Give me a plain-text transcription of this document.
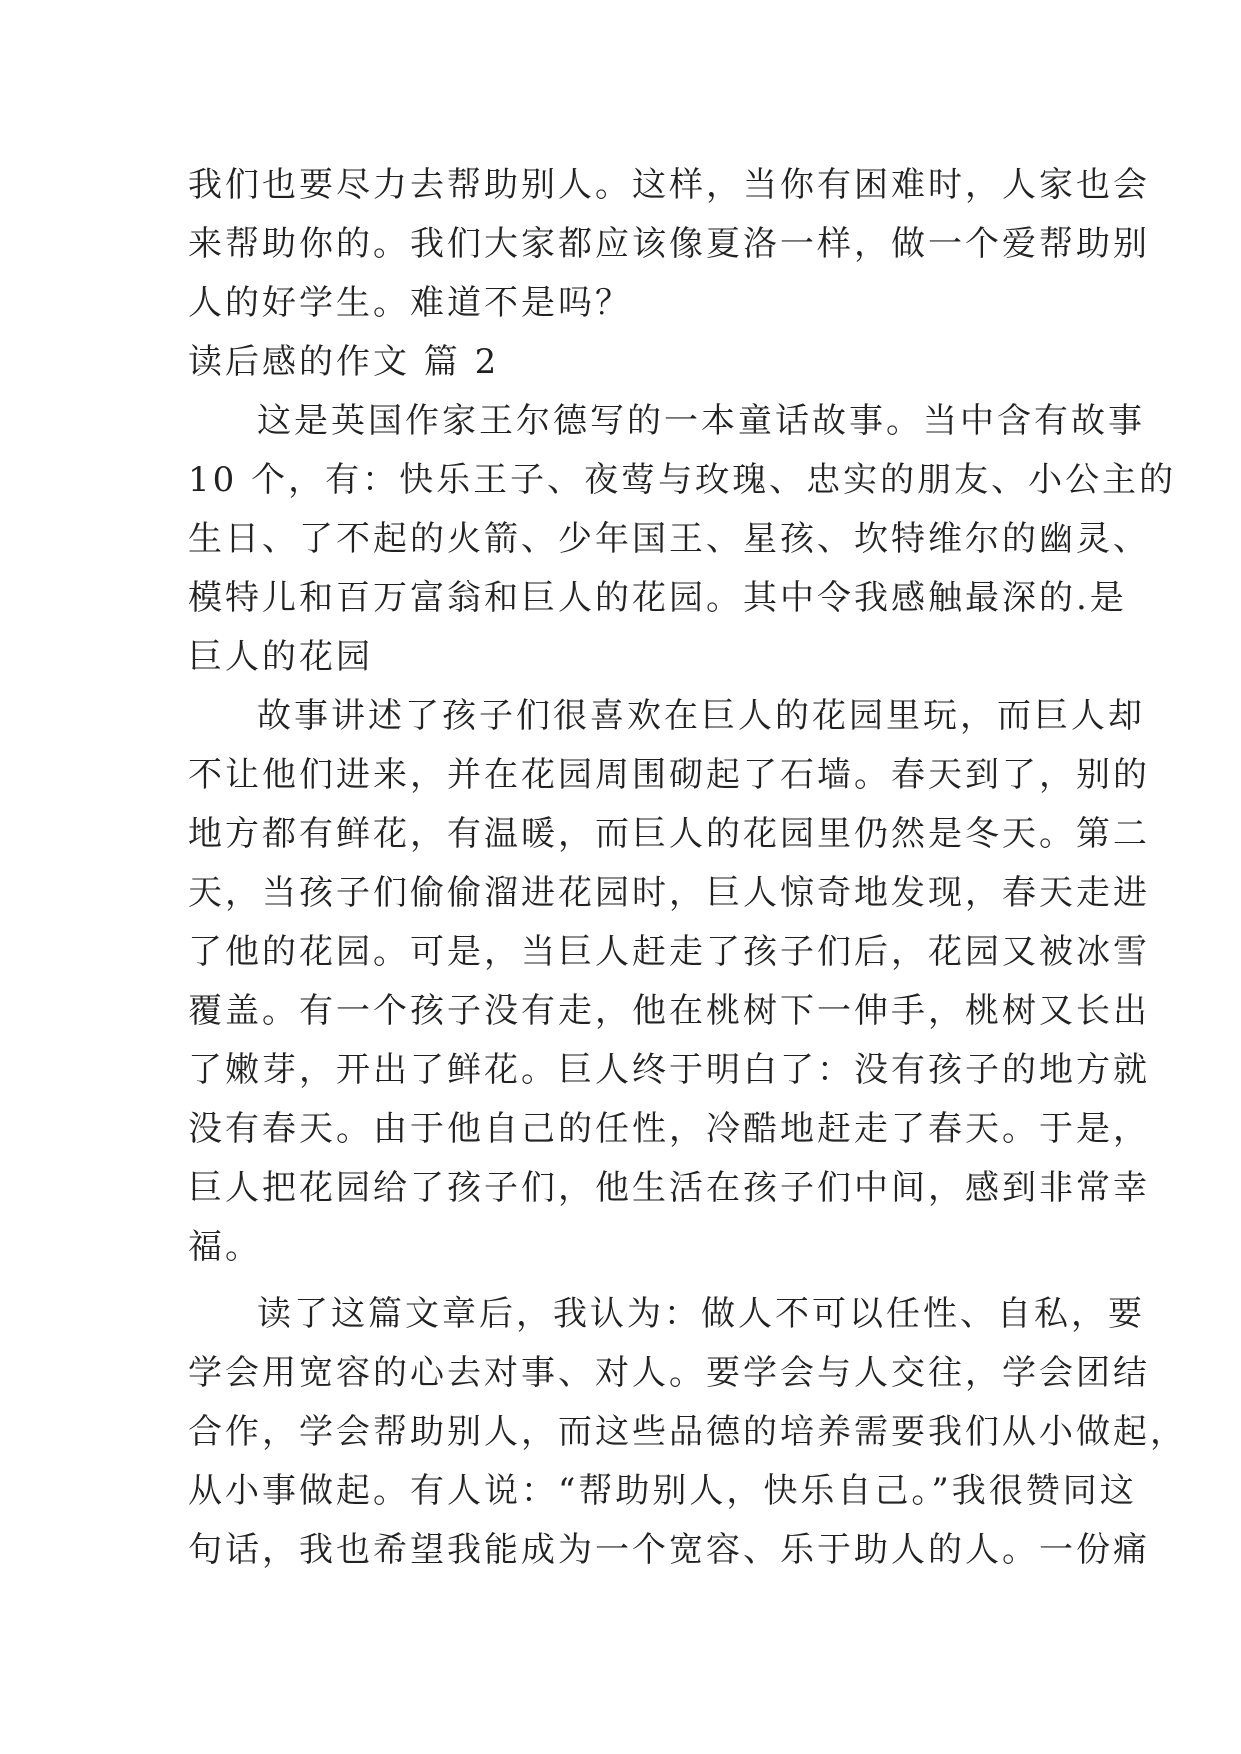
我们也要尽力去帮助别人。这样，当你有困难时，人家也会

来帮助你的。我们大家都应该像夏洛一样，做一个爱帮助别

人的好学生。难道不是吗？

读后感的作文 篇 2

这是英国作家王尔德写的一本童话故事。当中含有故事

10 个，有：快乐王子、夜莺与玫瑰、忠实的朋友、小公主的

生日、了不起的火箭、少年国王、星孩、坎特维尔的幽灵、

模特儿和百万富翁和巨人的花园。其中令我感触最深的.是

巨人的花园

故事讲述了孩子们很喜欢在巨人的花园里玩，而巨人却

不让他们进来，并在花园周围砌起了石墙。春天到了，别的

地方都有鲜花，有温暖，而巨人的花园里仍然是冬天。第二

天，当孩子们偷偷溜进花园时，巨人惊奇地发现，春天走进

了他的花园。可是，当巨人赶走了孩子们后，花园又被冰雪

覆盖。有一个孩子没有走，他在桃树下一伸手，桃树又长出

了嫩芽，开出了鲜花。巨人终于明白了：没有孩子的地方就

没有春天。由于他自己的任性，冷酷地赶走了春天。于是，

巨人把花园给了孩子们，他生活在孩子们中间，感到非常幸

福。

读了这篇文章后，我认为：做人不可以任性、自私，要

学会用宽容的心去对事、对人。要学会与人交往，学会团结

合作，学会帮助别人，而这些品德的培养需要我们从小做起，

从小事做起。有人说：“帮助别人，快乐自己。”我很赞同这

句话，我也希望我能成为一个宽容、乐于助人的人。一份痛
